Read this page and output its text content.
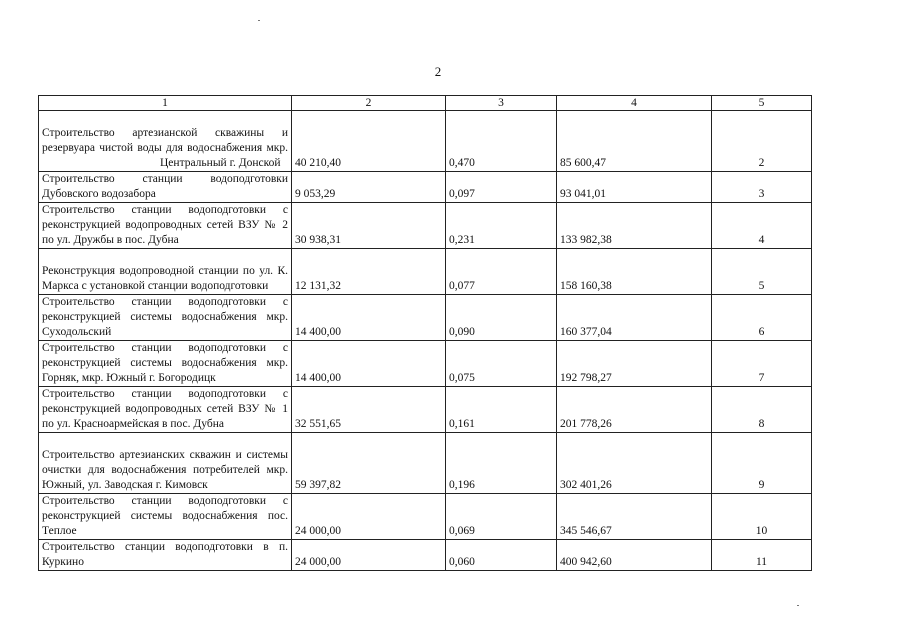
2
1	2	3	4	5
Строительство артезианской скважины и резервуара чистой воды для водоснабжения мкр.Центральный г. Донской	40 210,40	0,470	85 600,47	2
Строительство станции водоподготовки Дубовского водозабора	9 053,29	0,097	93 041,01	3
Строительство станции водоподготовки с реконструкцией водопроводных сетей ВЗУ № 2 по ул. Дружбы в пос. Дубна	30 938,31	0,231	133 982,38	4
Реконструкция водопроводной станции по ул. К. Маркса с установкой станции водоподготовки	12 131,32	0,077	158 160,38	5
Строительство станции водоподготовки с реконструкцией системы водоснабжения мкр. Суходольский	14 400,00	0,090	160 377,04	6
Строительство станции водоподготовки с реконструкцией системы водоснабжения мкр. Горняк, мкр. Южный г. Богородицк	14 400,00	0,075	192 798,27	7
Строительство станции водоподготовки с реконструкцией водопроводных сетей ВЗУ № 1 по ул. Красноармейская в пос. Дубна	32 551,65	0,161	201 778,26	8
Строительство артезианских скважин и системы очистки для водоснабжения потребителей мкр. Южный, ул. Заводская г. Кимовск	59 397,82	0,196	302 401,26	9
Строительство станции водоподготовки с реконструкцией системы водоснабжения пос. Теплое	24 000,00	0,069	345 546,67	10
Строительство станции водоподготовки в п. Куркино	24 000,00	0,060	400 942,60	11
